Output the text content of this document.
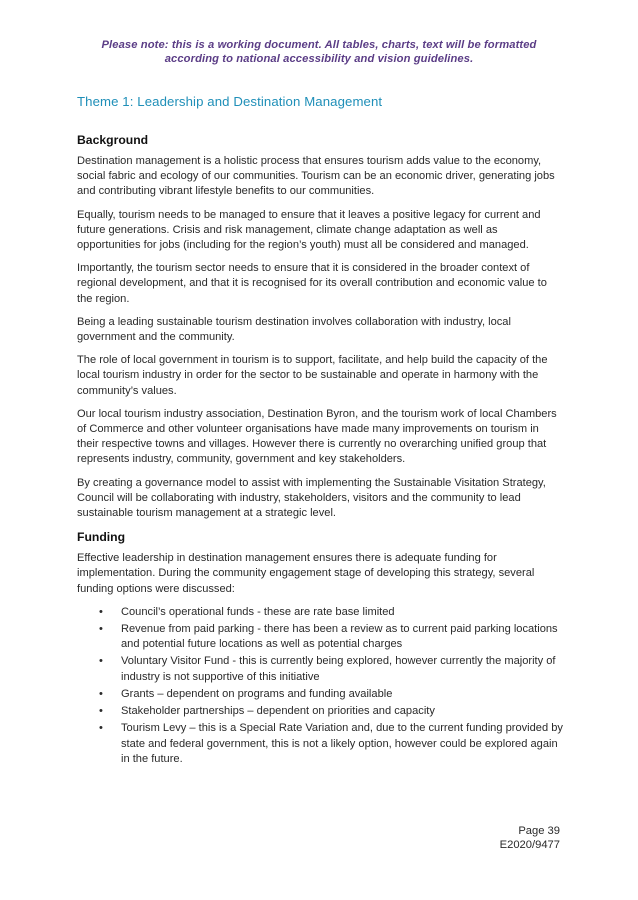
Please note: this is a working document. All tables, charts, text will be formatted
according to national accessibility and vision guidelines.
Theme 1: Leadership and Destination Management
Background

Destination management is a holistic process that ensures tourism adds value to the economy, social fabric and ecology of our communities. Tourism can be an economic driver, generating jobs and contributing vibrant lifestyle benefits to our communities.

Equally, tourism needs to be managed to ensure that it leaves a positive legacy for current and future generations. Crisis and risk management, climate change adaptation as well as opportunities for jobs (including for the region’s youth) must all be considered and managed.

Importantly, the tourism sector needs to ensure that it is considered in the broader context of regional development, and that it is recognised for its overall contribution and economic value to the region.

Being a leading sustainable tourism destination involves collaboration with industry, local government and the community.

The role of local government in tourism is to support, facilitate, and help build the capacity of the local tourism industry in order for the sector to be sustainable and operate in harmony with the community’s values.

Our local tourism industry association, Destination Byron, and the tourism work of local Chambers of Commerce and other volunteer organisations have made many improvements on tourism in their respective towns and villages. However there is currently no overarching unified group that represents industry, community, government and key stakeholders.

By creating a governance model to assist with implementing the Sustainable Visitation Strategy, Council will be collaborating with industry, stakeholders, visitors and the community to lead sustainable tourism management at a strategic level.

Funding

Effective leadership in destination management ensures there is adequate funding for implementation. During the community engagement stage of developing this strategy, several funding options were discussed:

• Council’s operational funds - these are rate base limited
• Revenue from paid parking - there has been a review as to current paid parking locations and potential future locations as well as potential charges
• Voluntary Visitor Fund - this is currently being explored, however currently the majority of industry is not supportive of this initiative
• Grants – dependent on programs and funding available
• Stakeholder partnerships – dependent on priorities and capacity
• Tourism Levy – this is a Special Rate Variation and, due to the current funding provided by state and federal government, this is not a likely option, however could be explored again in the future.
Page 39
E2020/9477
